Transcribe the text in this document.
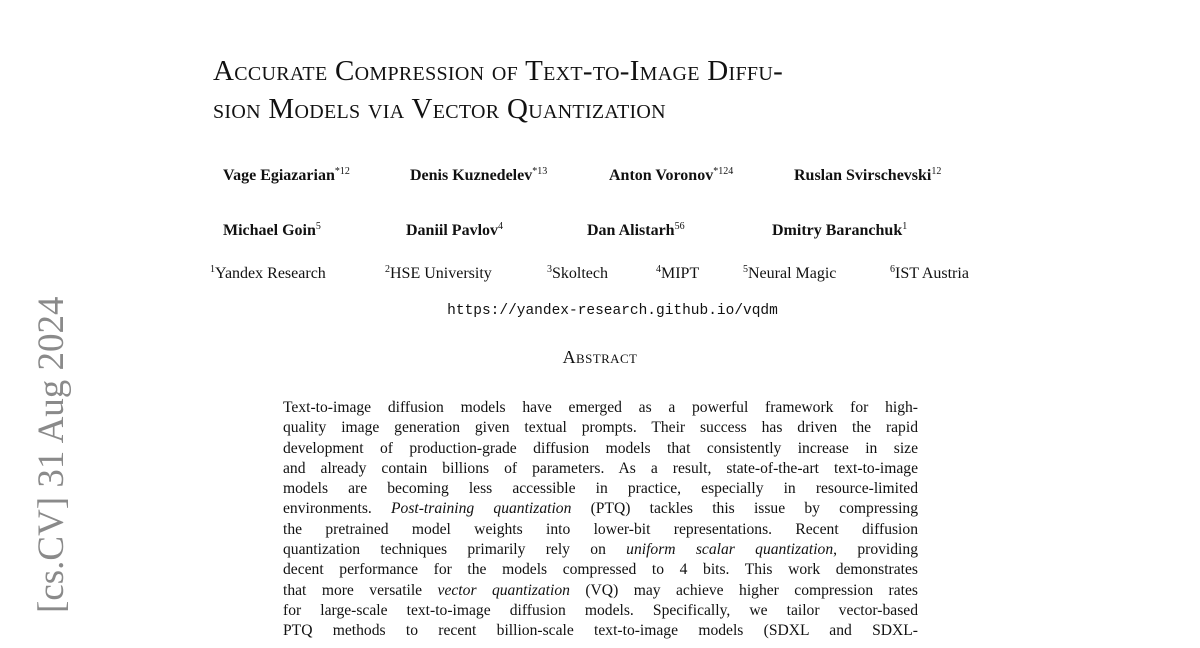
[cs.CV] 31 Aug 2024
Accurate Compression of Text-to-Image Diffu-
sion Models via Vector Quantization
Vage Egiazarian$^{*12}$	Denis Kuznedelev$^{*13}$	Anton Voronov$^{*124}$	Ruslan Svirschevski$^{12}$
Michael Goin$^5$	Daniil Pavlov$^4$	Dan Alistarh$^{56}$	Dmitry Baranchuk$^1$
$^1$Yandex Research	$^2$HSE University	$^3$Skoltech	$^4$MIPT	$^5$Neural Magic	$^6$IST Austria
https://yandex-research.github.io/vqdm
Abstract
Text-to-image diffusion models have emerged as a powerful framework for high-
quality image generation given textual prompts. Their success has driven the rapid
development of production-grade diffusion models that consistently increase in size
and already contain billions of parameters. As a result, state-of-the-art text-to-image
models are becoming less accessible in practice, especially in resource-limited
environments. Post-training quantization (PTQ) tackles this issue by compressing
the pretrained model weights into lower-bit representations. Recent diffusion
quantization techniques primarily rely on uniform scalar quantization, providing
decent performance for the models compressed to 4 bits. This work demonstrates
that more versatile vector quantization (VQ) may achieve higher compression rates
for large-scale text-to-image diffusion models. Specifically, we tailor vector-based
PTQ methods to recent billion-scale text-to-image models (SDXL and SDXL-
